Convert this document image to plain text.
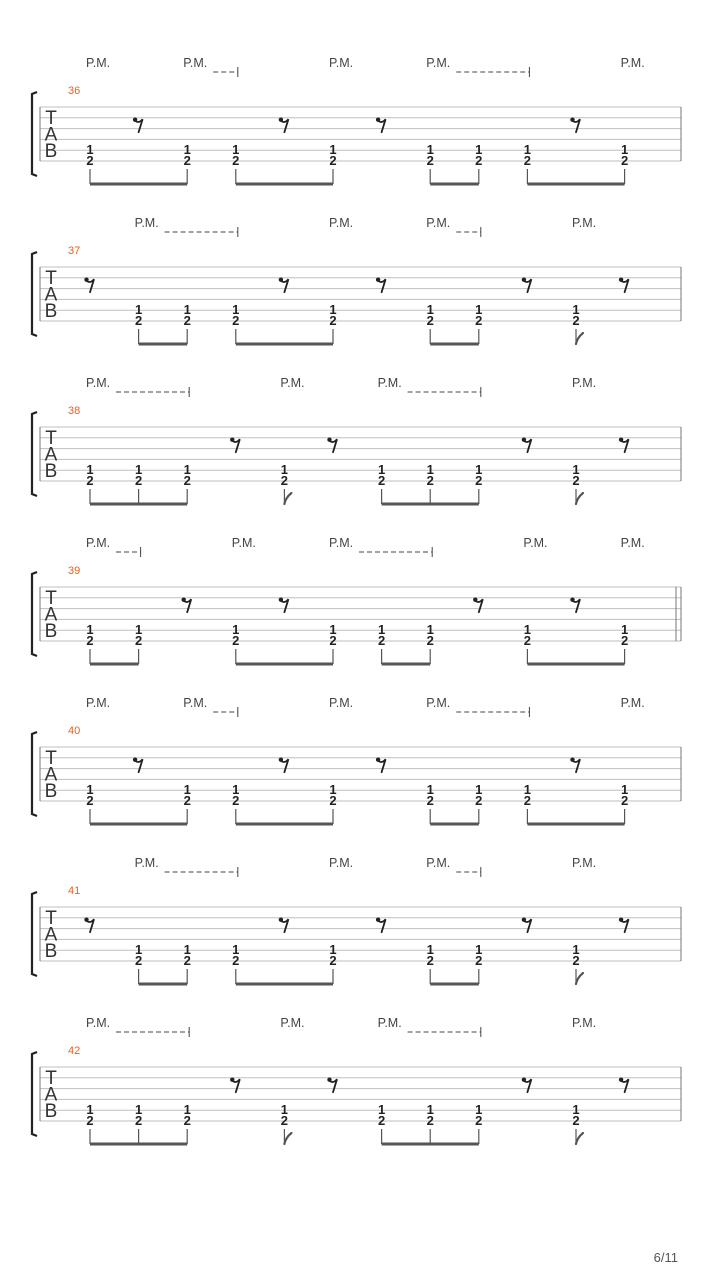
T
A
B
36
P.M.	P.M.	P.M.	P.M.	P.M.
1
2
1
2
1
2
1
2
1
2
1
2
1
2
1
2
T
A
B
37
P.M.	P.M.	P.M.	P.M.
1
2
1
2
1
2
1
2
1
2
1
2
1
2
T
A
B
38
P.M.	P.M.	P.M.	P.M.
1
2
1
2
1
2
1
2
1
2
1
2
1
2
1
2
T
A
B
39
P.M.	P.M.	P.M.	P.M.	P.M.
1
2
1
2
1
2
1
2
1
2
1
2
1
2
1
2
T
A
B
40
P.M.	P.M.	P.M.	P.M.	P.M.
1
2
1
2
1
2
1
2
1
2
1
2
1
2
1
2
T
A
B
41
P.M.	P.M.	P.M.	P.M.
1
2
1
2
1
2
1
2
1
2
1
2
1
2
T
A
B
42
P.M.	P.M.	P.M.	P.M.
1
2
1
2
1
2
1
2
1
2
1
2
1
2
1
2
6/11
